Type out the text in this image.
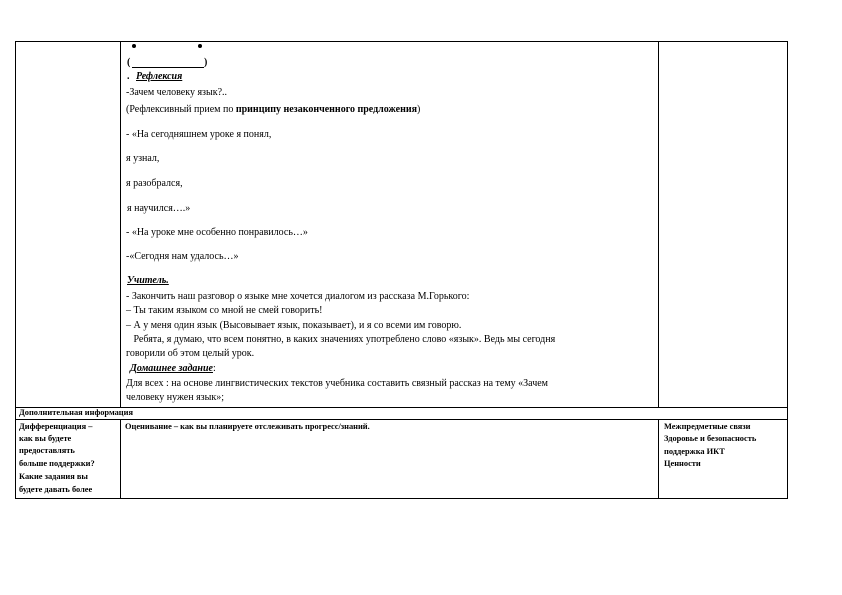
(	)
. Рефлексия
-Зачем человеку язык?..
(Рефлексивный прием по принципу незаконченного предложения)
- «На сегодняшнем уроке я понял,
я узнал,
я разобрался,
я научился….»
- «На уроке мне особенно понравилось…»
-«Сегодня нам удалось…»
Учитель.
- Закончить наш разговор о языке мне хочется диалогом из рассказа М.Горького:
– Ты таким языком со мной не смей говорить!
– А у меня один язык (Высовывает язык, показывает), и я со всеми им говорю.
Ребята, я думаю, что всем понятно, в каких значениях употреблено слово «язык». Ведь мы сегодня
говорили об этом целый урок.
Домашнее задание:
Для всех : на основе лингвистических текстов учебника составить связный рассказ на тему «Зачем
человеку нужен язык»;
Дополнительная информация
Дифференциация –
как вы будете
предоставлять
больше поддержки?
Какие задания вы
будете давать более
Оценивание – как вы планируете отслеживать прогресс/знаний.	Межпредметные связи
Здоровье и безопасность
поддержка ИКТ
Ценности
